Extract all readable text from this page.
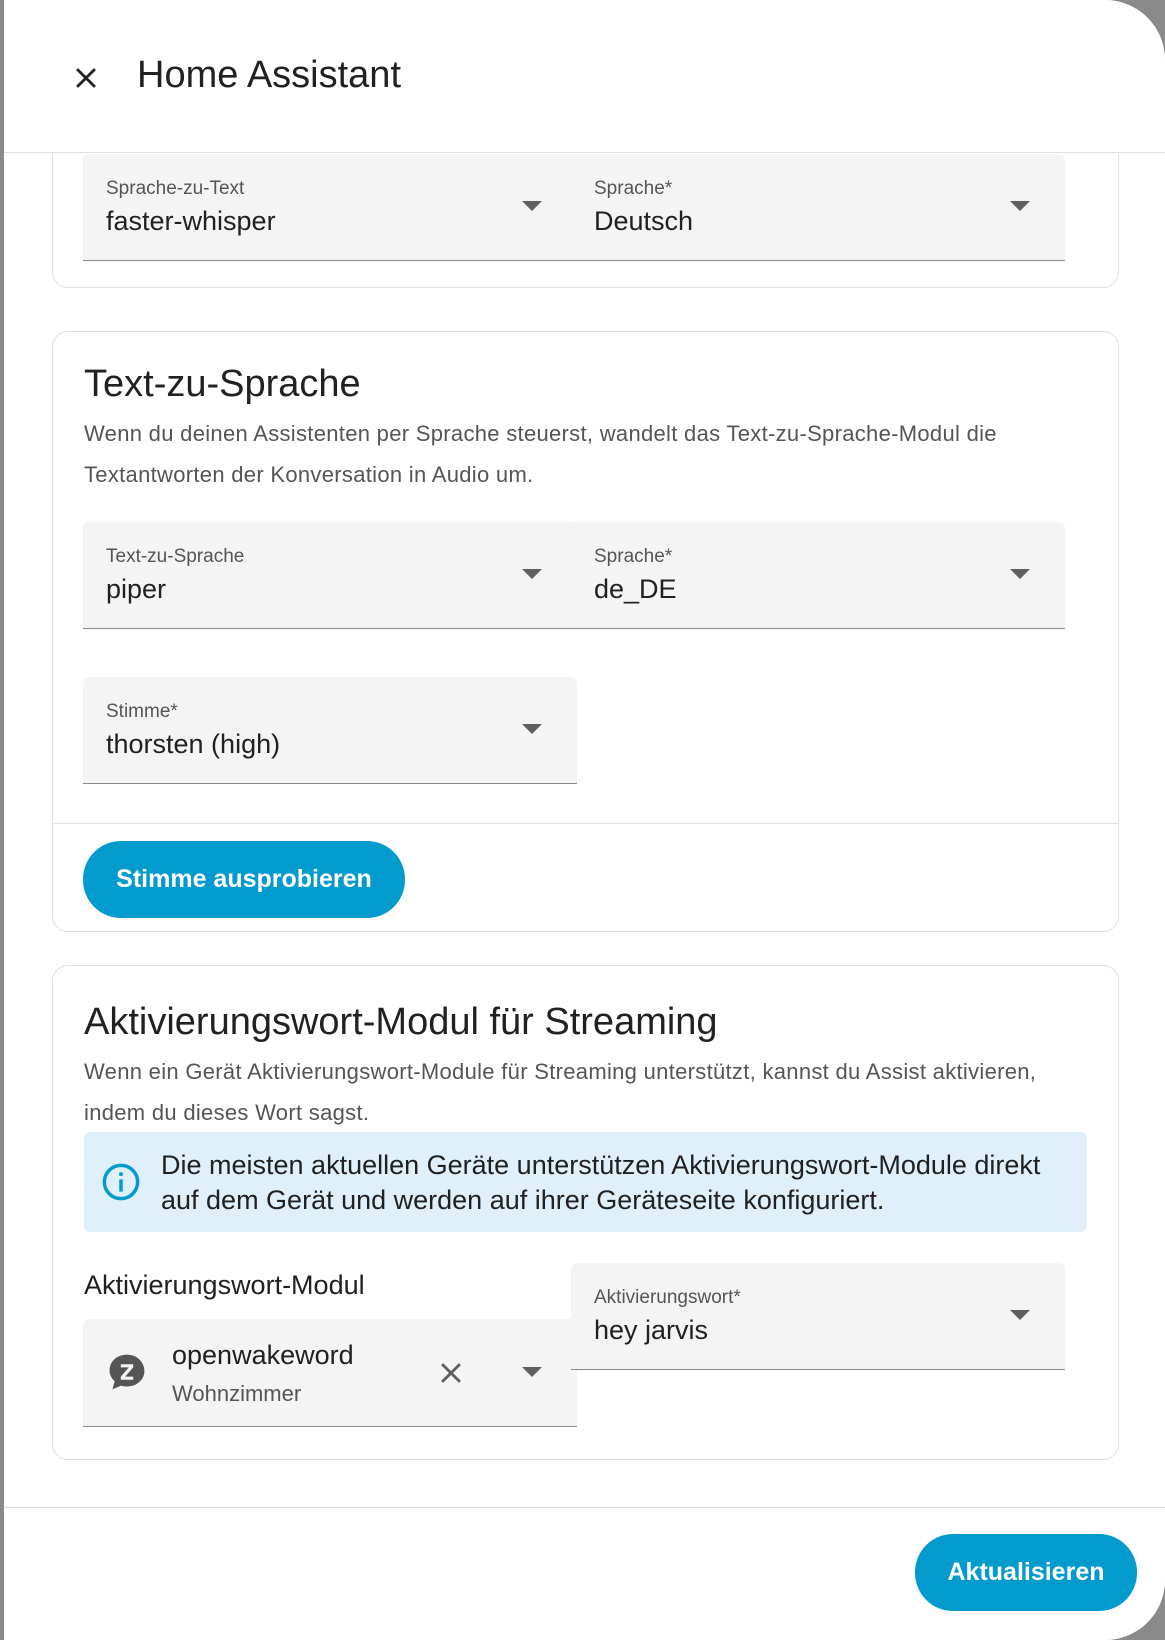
Home Assistant
Sprache-zu-Text
faster-whisper
Sprache*
Deutsch
Text-zu-Sprache
Wenn du deinen Assistenten per Sprache steuerst, wandelt das Text-zu-Sprache-Modul die Textantworten der Konversation in Audio um.
Text-zu-Sprache
piper
Sprache*
de_DE
Stimme*
thorsten (high)
Stimme ausprobieren
Aktivierungswort-Modul für Streaming
Wenn ein Gerät Aktivierungswort-Module für Streaming unterstützt, kannst du Assist aktivieren, indem du dieses Wort sagst.
Die meisten aktuellen Geräte unterstützen Aktivierungswort-Module direkt auf dem Gerät und werden auf ihrer Geräteseite konfiguriert.
Aktivierungswort-Modul
openwakeword
Wohnzimmer
Aktivierungswort*
hey jarvis
Aktualisieren
